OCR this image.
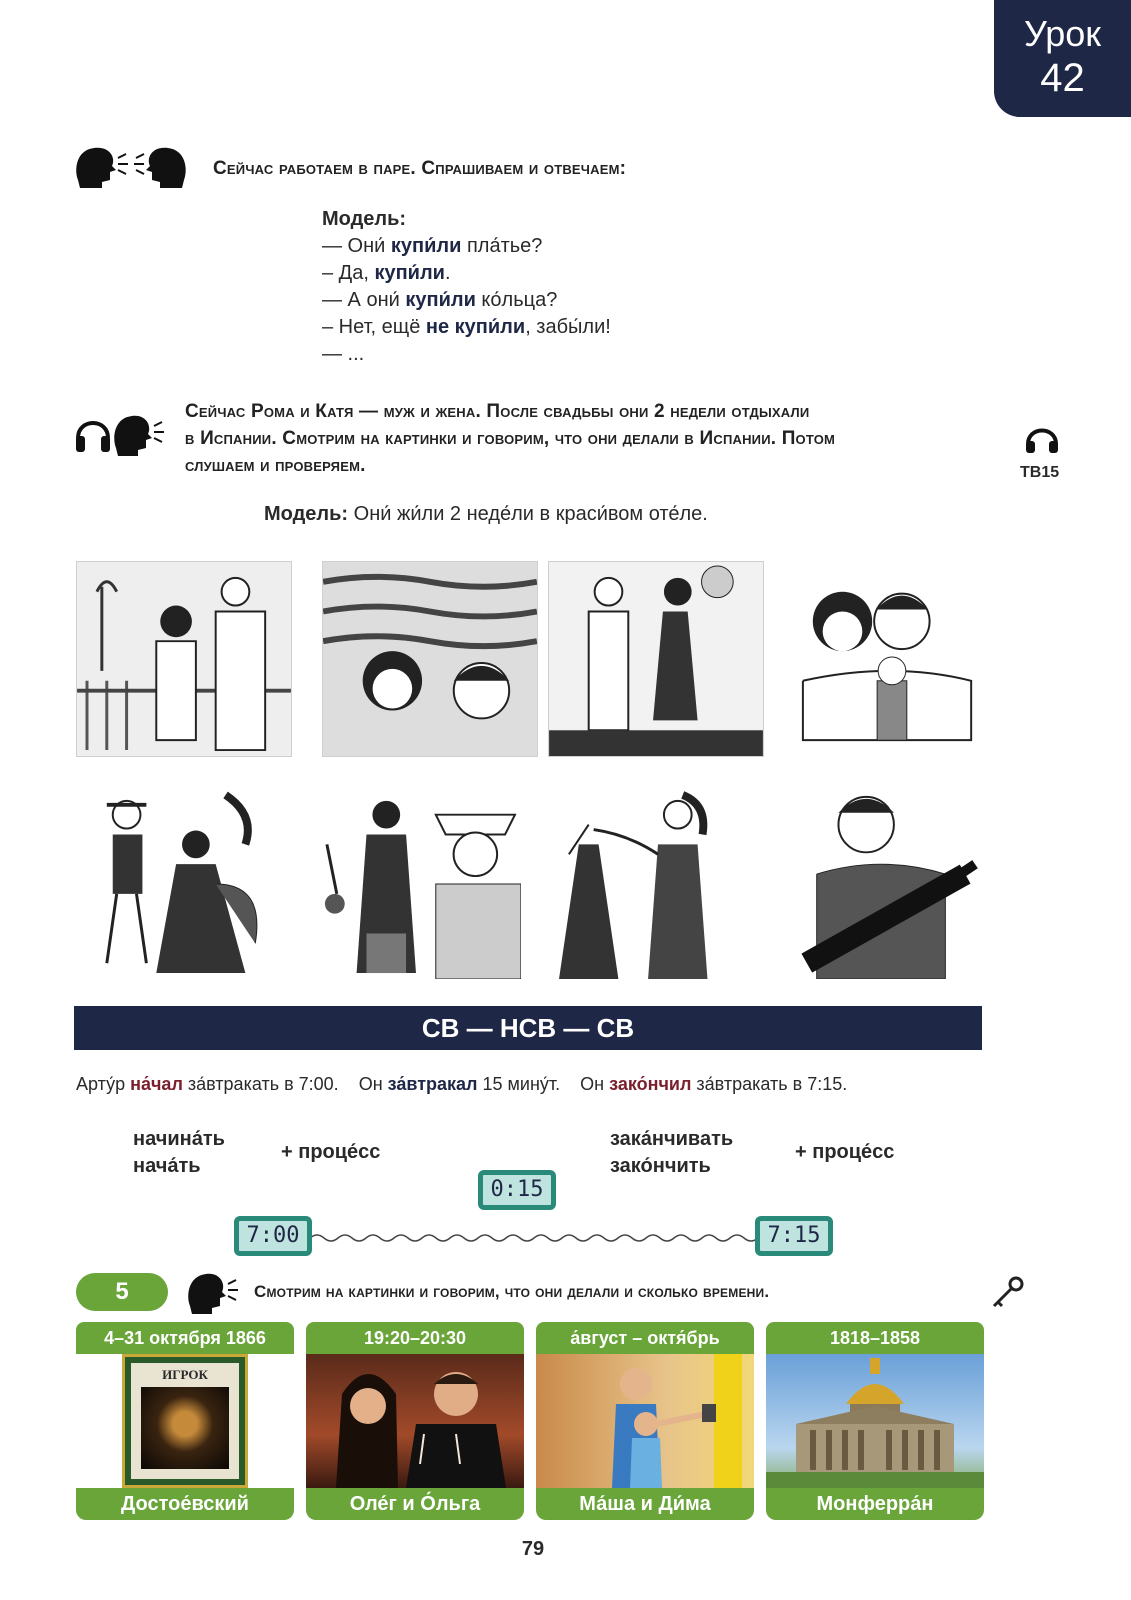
Урок
42
Сейчас работаем в паре. Спрашиваем и отвечаем:
Модель:
— Они́ купи́ли пла́тье?
– Да, купи́ли.
— А они́ купи́ли ко́льца?
– Нет, ещё не купи́ли, забы́ли!
— ...
Сейчас Рома и Катя — муж и жена. После свадьбы они 2 недели отдыхали
в Испании. Смотрим на картинки и говорим, что они делали в Испании. Потом
слушаем и проверяем.	TB15
Модель: Они́ жи́ли 2 неде́ли в краси́вом оте́ле.
СВ — НСВ — СВ
Арту́р на́чал за́втракать в 7:00. Он за́втракал 15 мину́т. Он зако́нчил за́втракать в 7:15.
начина́ть
нача́ть
+ проце́сс
зака́нчивать
зако́нчить
+ проце́сс
7:00
0:15
7:15
5	Смотрим на картинки и говорим, что они делали и сколько времени.
4–31 октября 1866
ИГРОК
Достое́вский
19:20–20:30
Оле́г и О́льга
а́вгуст – октя́брь
Ма́ша и Ди́ма
1818–1858
Монферра́н
79
